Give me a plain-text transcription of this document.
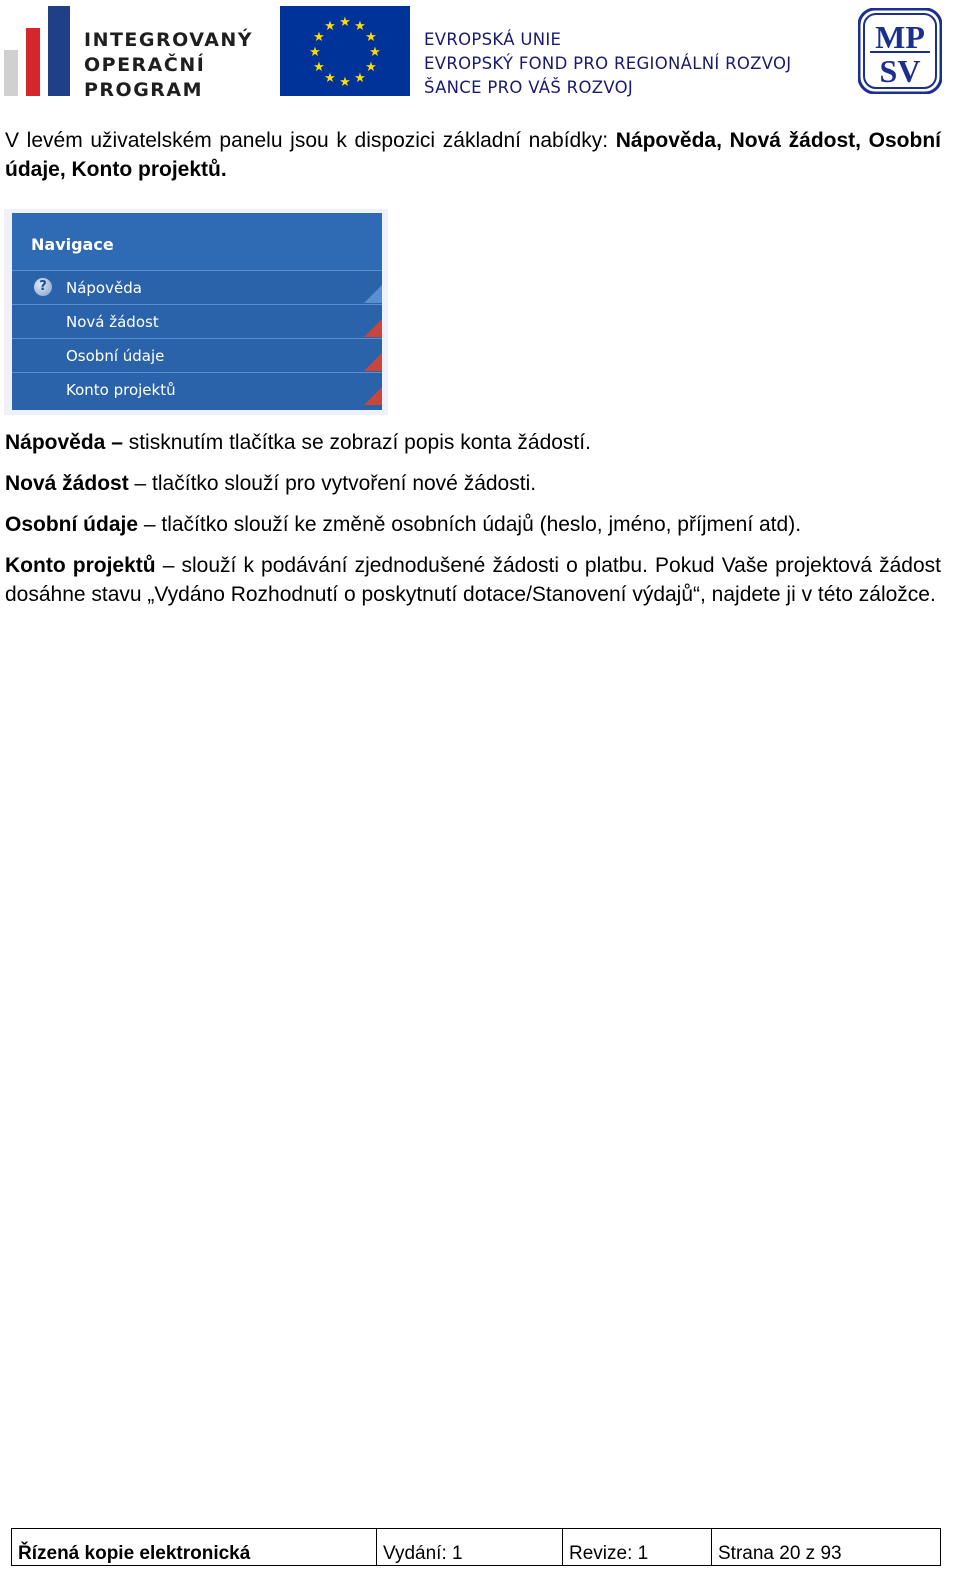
INTEGROVANÝ
OPERAČNÍ
PROGRAM
★ ★
★
★
★
★
★
★
★
★
★
★
EVROPSKÁ UNIE
EVROPSKÝ FOND PRO REGIONÁLNÍ ROZVOJ
ŠANCE PRO VÁŠ ROZVOJ
MP
SV

V levém uživatelském panelu jsou k dispozici základní nabídky: Nápověda, Nová žádost, Osobní údaje, Konto projektů.

Navigace
?	Nápověda
Nová žádost
Osobní údaje
Konto projektů

Nápověda – stisknutím tlačítka se zobrazí popis konta žádostí.

Nová žádost – tlačítko slouží pro vytvoření nové žádosti.

Osobní údaje – tlačítko slouží ke změně osobních údajů (heslo, jméno, příjmení atd).

Konto projektů – slouží k podávání zjednodušené žádosti o platbu. Pokud Vaše projektová žádost dosáhne stavu „Vydáno Rozhodnutí o poskytnutí dotace/Stanovení výdajů“, najdete ji v této záložce.

Řízená kopie elektronická	Vydání: 1	Revize: 1	Strana 20 z 93
